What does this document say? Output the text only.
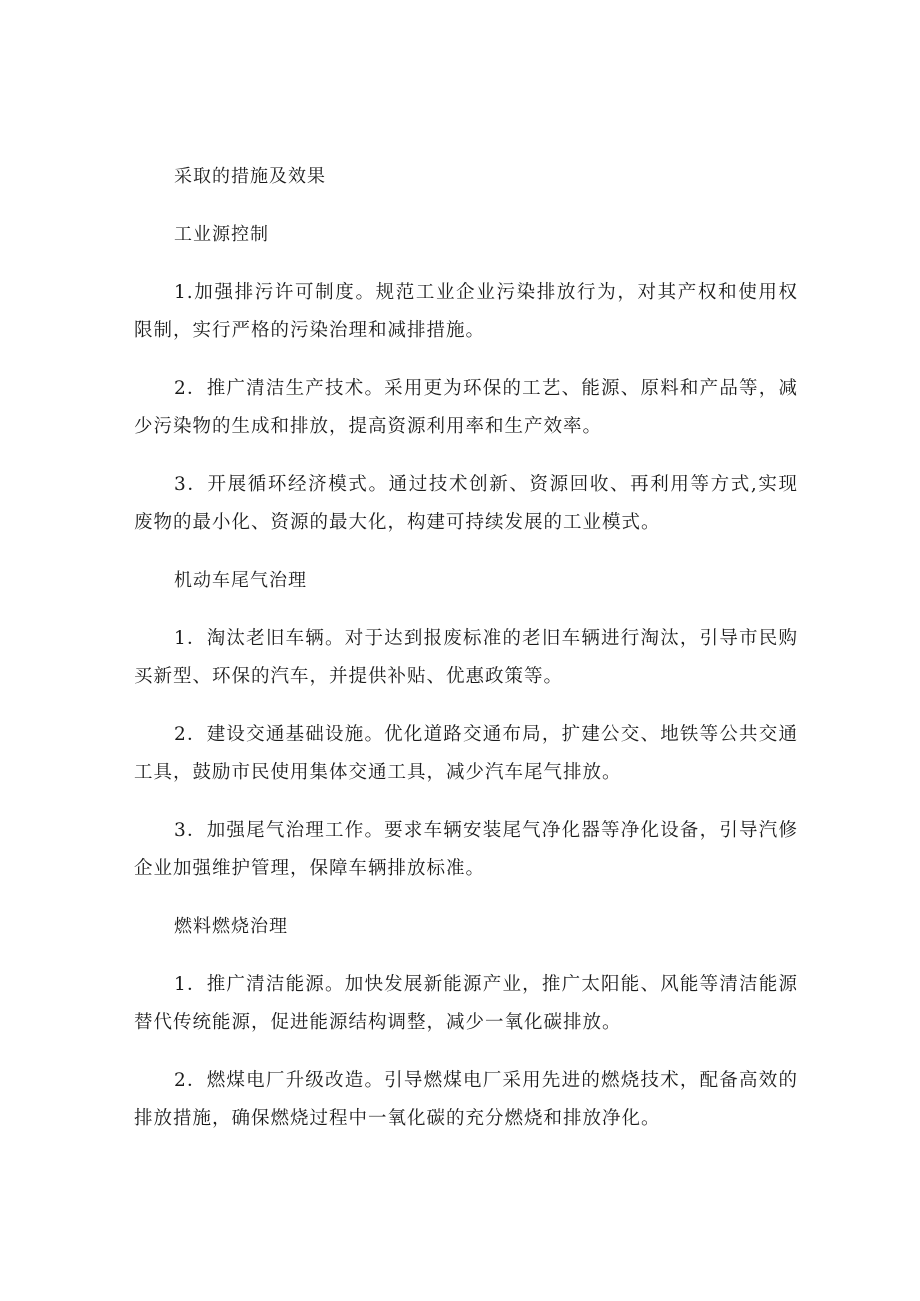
采取的措施及效果

工业源控制

1.加强排污许可制度。规范工业企业污染排放行为，对其产权和使用权限制，实行严格的污染治理和减排措施。

2．推广清洁生产技术。采用更为环保的工艺、能源、原料和产品等，减少污染物的生成和排放，提高资源利用率和生产效率。

3．开展循环经济模式。通过技术创新、资源回收、再利用等方式,实现废物的最小化、资源的最大化，构建可持续发展的工业模式。

机动车尾气治理

1．淘汰老旧车辆。对于达到报废标准的老旧车辆进行淘汰，引导市民购买新型、环保的汽车，并提供补贴、优惠政策等。

2．建设交通基础设施。优化道路交通布局，扩建公交、地铁等公共交通工具，鼓励市民使用集体交通工具，减少汽车尾气排放。

3．加强尾气治理工作。要求车辆安装尾气净化器等净化设备，引导汽修企业加强维护管理，保障车辆排放标准。

燃料燃烧治理

1．推广清洁能源。加快发展新能源产业，推广太阳能、风能等清洁能源替代传统能源，促进能源结构调整，减少一氧化碳排放。

2．燃煤电厂升级改造。引导燃煤电厂采用先进的燃烧技术，配备高效的排放措施，确保燃烧过程中一氧化碳的充分燃烧和排放净化。
